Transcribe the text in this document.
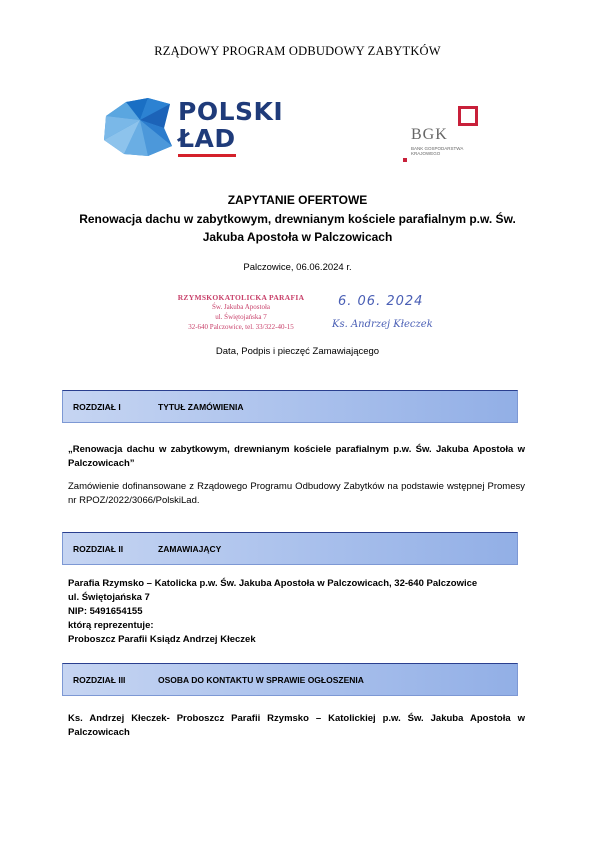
RZĄDOWY PROGRAM ODBUDOWY ZABYTKÓW
POLSKI
ŁAD	BGK
BANK GOSPODARSTWA KRAJOWEGO
ZAPYTANIE OFERTOWE
Renowacja dachu w zabytkowym, drewnianym kościele parafialnym p.w. Św. Jakuba Apostoła w Palczowicach
Palczowice, 06.06.2024 r.
RZYMSKOKATOLICKA PARAFIA
Św. Jakuba Apostoła
ul. Świętojańska 7
32-640 Palczowice, tel. 33/322-40-15
6. 06. 2024
Ks. Andrzej Kłeczek
Data, Podpis i pieczęć Zamawiającego
ROZDZIAŁ I	TYTUŁ ZAMÓWIENIA
„Renowacja dachu w zabytkowym, drewnianym kościele parafialnym p.w. Św. Jakuba Apostoła w Palczowicach”
Zamówienie dofinansowane z Rządowego Programu Odbudowy Zabytków na podstawie wstępnej Promesy nr RPOZ/2022/3066/PolskiLad.
ROZDZIAŁ II	ZAMAWIAJĄCY
Parafia Rzymsko – Katolicka p.w. Św. Jakuba Apostoła w Palczowicach, 32-640 Palczowice
ul. Świętojańska 7
NIP: 5491654155
którą reprezentuje:
Proboszcz Parafii Ksiądz Andrzej Kłeczek
ROZDZIAŁ III	OSOBA DO KONTAKTU W SPRAWIE OGŁOSZENIA
Ks. Andrzej Kłeczek- Proboszcz Parafii Rzymsko – Katolickiej p.w. Św. Jakuba Apostoła w Palczowicach
